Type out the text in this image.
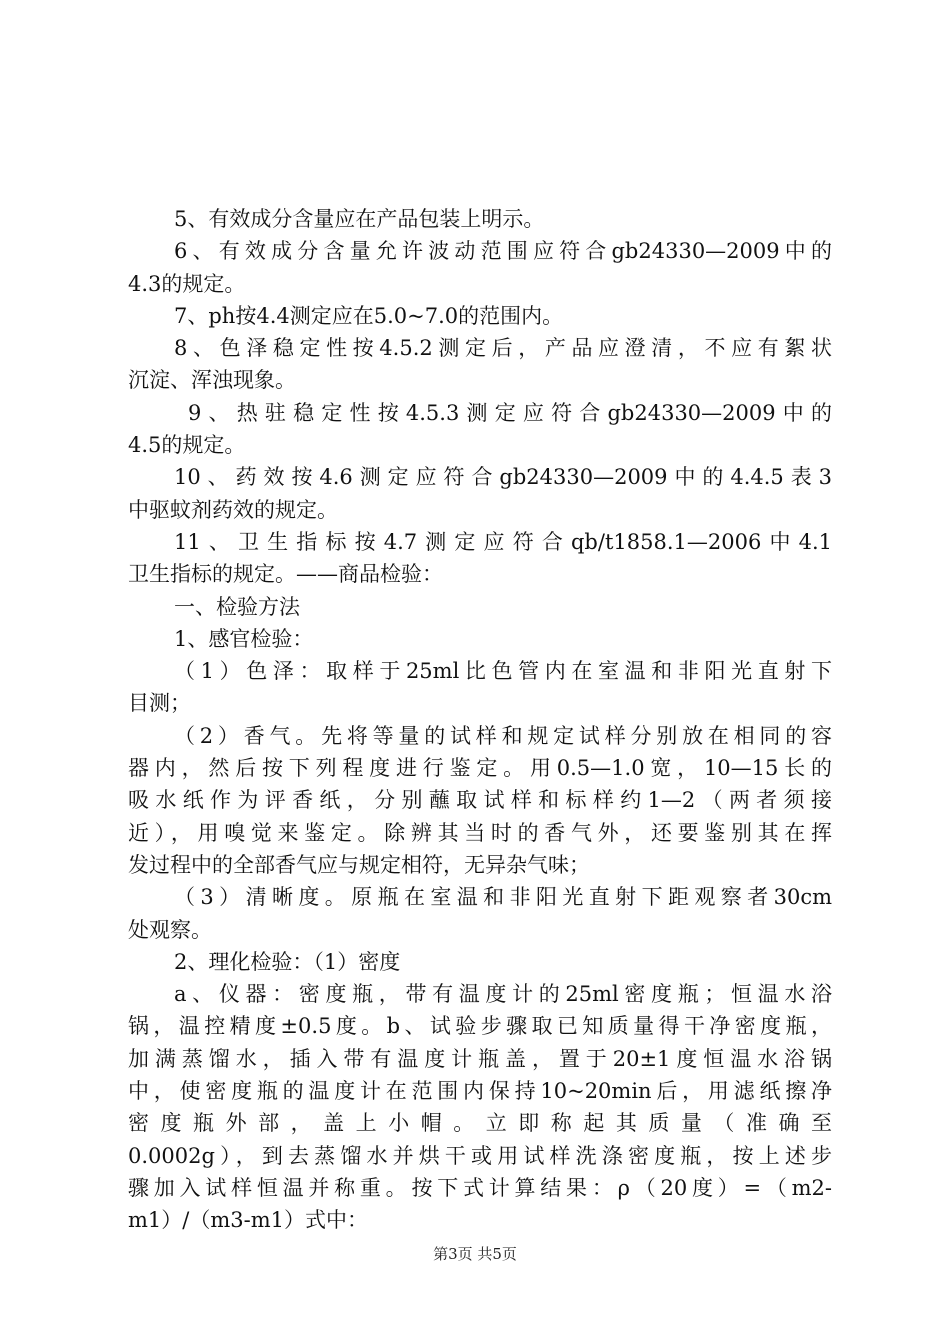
5、有效成分含量应在产品包装上明示。
6、有效成分含量允许波动范围应符合gb24330—2009中的
4.3的规定。
7、ph按4.4测定应在5.0~7.0的范围内。
8、色泽稳定性按4.5.2测定后，产品应澄清，不应有絮状
沉淀、浑浊现象。
9、热驻稳定性按4.5.3测定应符合gb24330—2009中的
4.5的规定。
10、药效按4.6测定应符合gb24330—2009中的4.4.5表3
中驱蚊剂药效的规定。
11、卫生指标按4.7测定应符合qb/t1858.1—2006中4.1
卫生指标的规定。——商品检验：
一、检验方法
1、感官检验：
（1）色泽：取样于25ml比色管内在室温和非阳光直射下
目测；
（2）香气。先将等量的试样和规定试样分别放在相同的容
器内，然后按下列程度进行鉴定。用0.5—1.0宽，10—15长的
吸水纸作为评香纸，分别蘸取试样和标样约1—2（两者须接
近），用嗅觉来鉴定。除辨其当时的香气外，还要鉴别其在挥
发过程中的全部香气应与规定相符，无异杂气味；
（3）清晰度。原瓶在室温和非阳光直射下距观察者30cm
处观察。
2、理化检验：（1）密度
a、仪器：密度瓶，带有温度计的25ml密度瓶；恒温水浴
锅，温控精度±0.5度。b、试验步骤取已知质量得干净密度瓶，
加满蒸馏水，插入带有温度计瓶盖，置于20±1度恒温水浴锅
中，使密度瓶的温度计在范围内保持10~20min后，用滤纸擦净
密度瓶外部，盖上小帽。立即称起其质量（准确至
0.0002g），到去蒸馏水并烘干或用试样洗涤密度瓶，按上述步
骤加入试样恒温并称重。按下式计算结果：ρ（20度）=（m2-
m1）/（m3-m1）式中：
第3页 共5页
